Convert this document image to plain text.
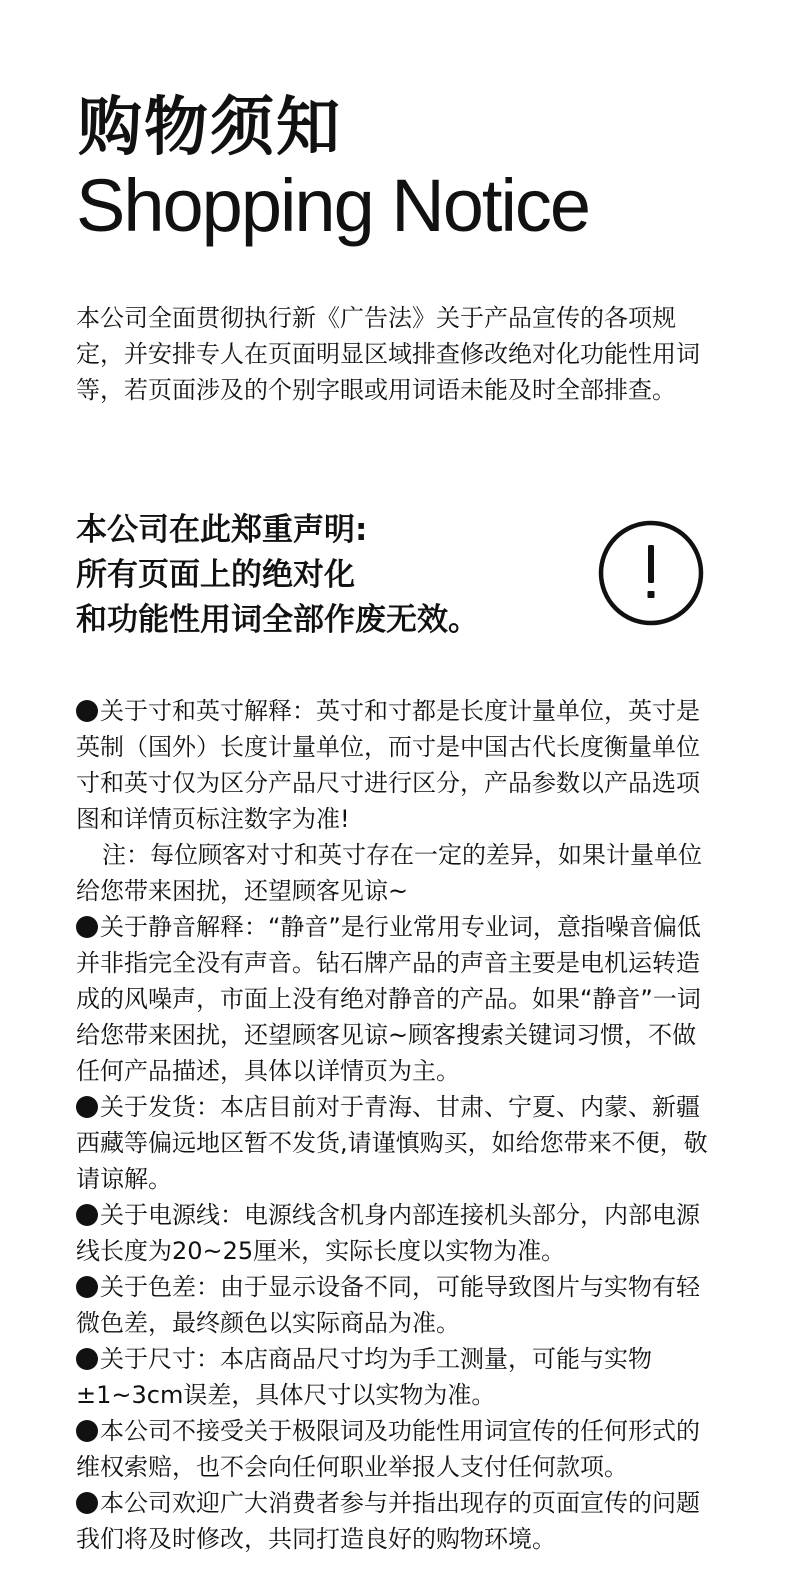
购物须知
Shopping Notice

本公司全面贯彻执行新《广告法》关于产品宣传的各项规定，并安排专人在页面明显区域排查修改绝对化功能性用词等，若页面涉及的个别字眼或用词语未能及时全部排查。

本公司在此郑重声明:
所有页面上的绝对化
和功能性用词全部作废无效。

关于寸和英寸解释：英寸和寸都是长度计量单位，英寸是英制（国外）长度计量单位，而寸是中国古代长度衡量单位寸和英寸仅为区分产品尺寸进行区分，产品参数以产品选项图和详情页标注数字为准!

注：每位顾客对寸和英寸存在一定的差异，如果计量单位给您带来困扰，还望顾客见谅~

关于静音解释：“静音”是行业常用专业词，意指噪音偏低并非指完全没有声音。钻石牌产品的声音主要是电机运转造成的风噪声，市面上没有绝对静音的产品。如果“静音”一词给您带来困扰，还望顾客见谅~顾客搜索关键词习惯，不做任何产品描述，具体以详情页为主。

关于发货：本店目前对于青海、甘肃、宁夏、内蒙、新疆西藏等偏远地区暂不发货,请谨慎购买，如给您带来不便，敬请谅解。

关于电源线：电源线含机身内部连接机头部分，内部电源线长度为20~25厘米，实际长度以实物为准。

关于色差：由于显示设备不同，可能导致图片与实物有轻微色差，最终颜色以实际商品为准。

关于尺寸：本店商品尺寸均为手工测量，可能与实物±1~3cm误差，具体尺寸以实物为准。

本公司不接受关于极限词及功能性用词宣传的任何形式的维权索赔，也不会向任何职业举报人支付任何款项。

本公司欢迎广大消费者参与并指出现存的页面宣传的问题我们将及时修改，共同打造良好的购物环境。
